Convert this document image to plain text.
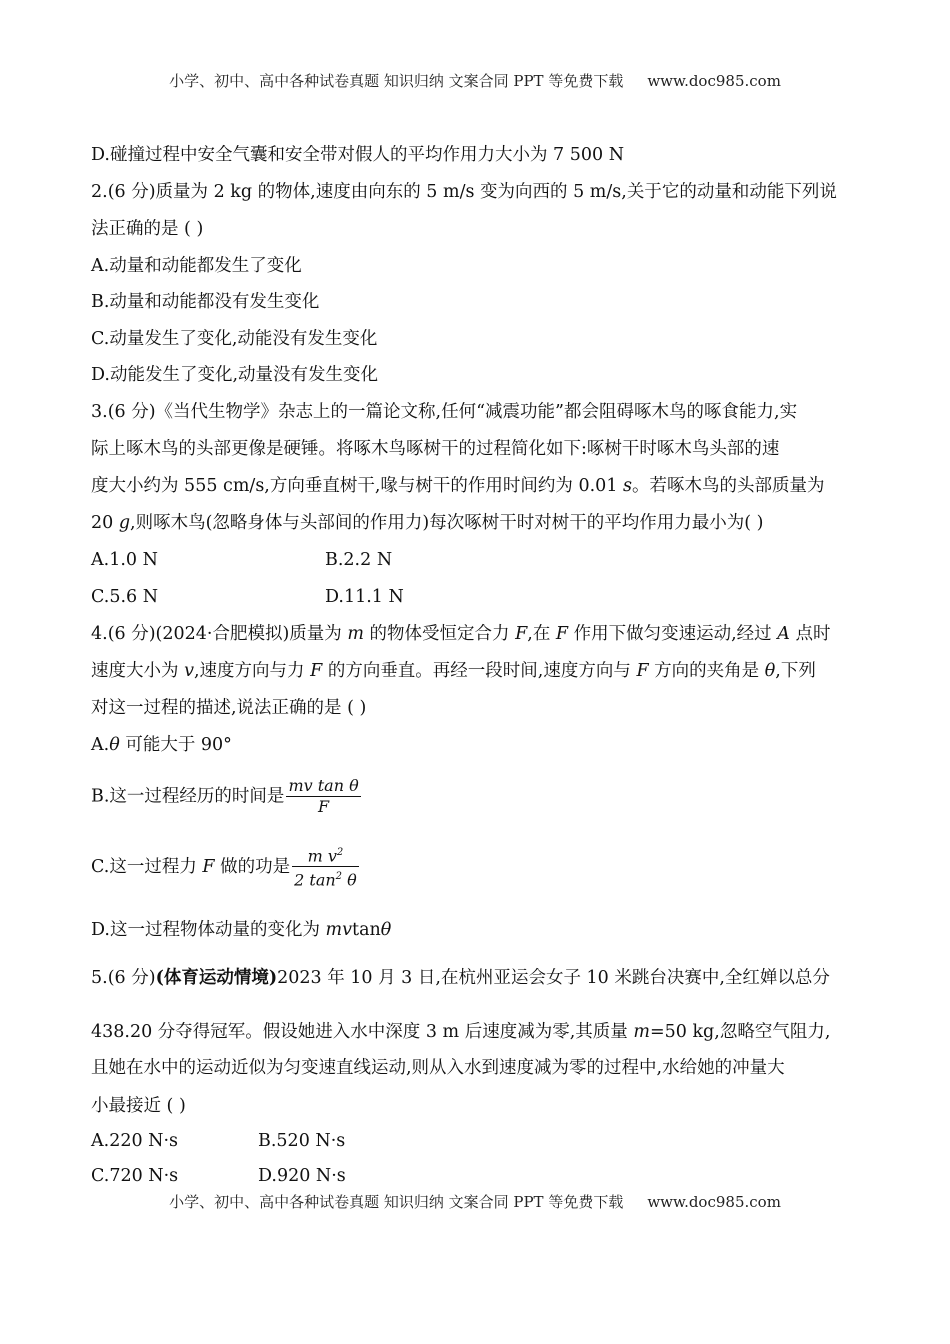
小学、初中、高中各种试卷真题 知识归纳 文案合同 PPT 等免费下载 www.doc985.com
D.碰撞过程中安全气囊和安全带对假人的平均作用力大小为 7 500 N
2.(6 分)质量为 2 kg 的物体,速度由向东的 5 m/s 变为向西的 5 m/s,关于它的动量和动能下列说
法正确的是 ( )
A.动量和动能都发生了变化
B.动量和动能都没有发生变化
C.动量发生了变化,动能没有发生变化
D.动能发生了变化,动量没有发生变化
3.(6 分)《当代生物学》杂志上的一篇论文称,任何“减震功能”都会阻碍啄木鸟的啄食能力,实
际上啄木鸟的头部更像是硬锤。将啄木鸟啄树干的过程简化如下:啄树干时啄木鸟头部的速
度大小约为 555 cm/s,方向垂直树干,喙与树干的作用时间约为 0.01 s。若啄木鸟的头部质量为
20 g,则啄木鸟(忽略身体与头部间的作用力)每次啄树干时对树干的平均作用力最小为( )
A.1.0 N	B.2.2 N
C.5.6 N	D.11.1 N
4.(6 分)(2024·合肥模拟)质量为 m 的物体受恒定合力 F,在 F 作用下做匀变速运动,经过 A 点时
速度大小为 v,速度方向与力 F 的方向垂直。再经一段时间,速度方向与 F 方向的夹角是 θ,下列
对这一过程的描述,说法正确的是 ( )
A.θ 可能大于 90°
B.这一过程经历的时间是 $\frac{\text{mv tan θ}}{F}$
C.这一过程力 F 做的功是 $\frac{m v^2}{2 \tan^2 \theta}$
D.这一过程物体动量的变化为 mvtanθ
5.(6 分)(体育运动情境)2023 年 10 月 3 日,在杭州亚运会女子 10 米跳台决赛中,全红婵以总分
438.20 分夺得冠军。假设她进入水中深度 3 m 后速度减为零,其质量 m=50 kg,忽略空气阻力,
且她在水中的运动近似为匀变速直线运动,则从入水到速度减为零的过程中,水给她的冲量大
小最接近 ( )
A.220 N·s	B.520 N·s
C.720 N·s	D.920 N·s
小学、初中、高中各种试卷真题 知识归纳 文案合同 PPT 等免费下载 www.doc985.com
